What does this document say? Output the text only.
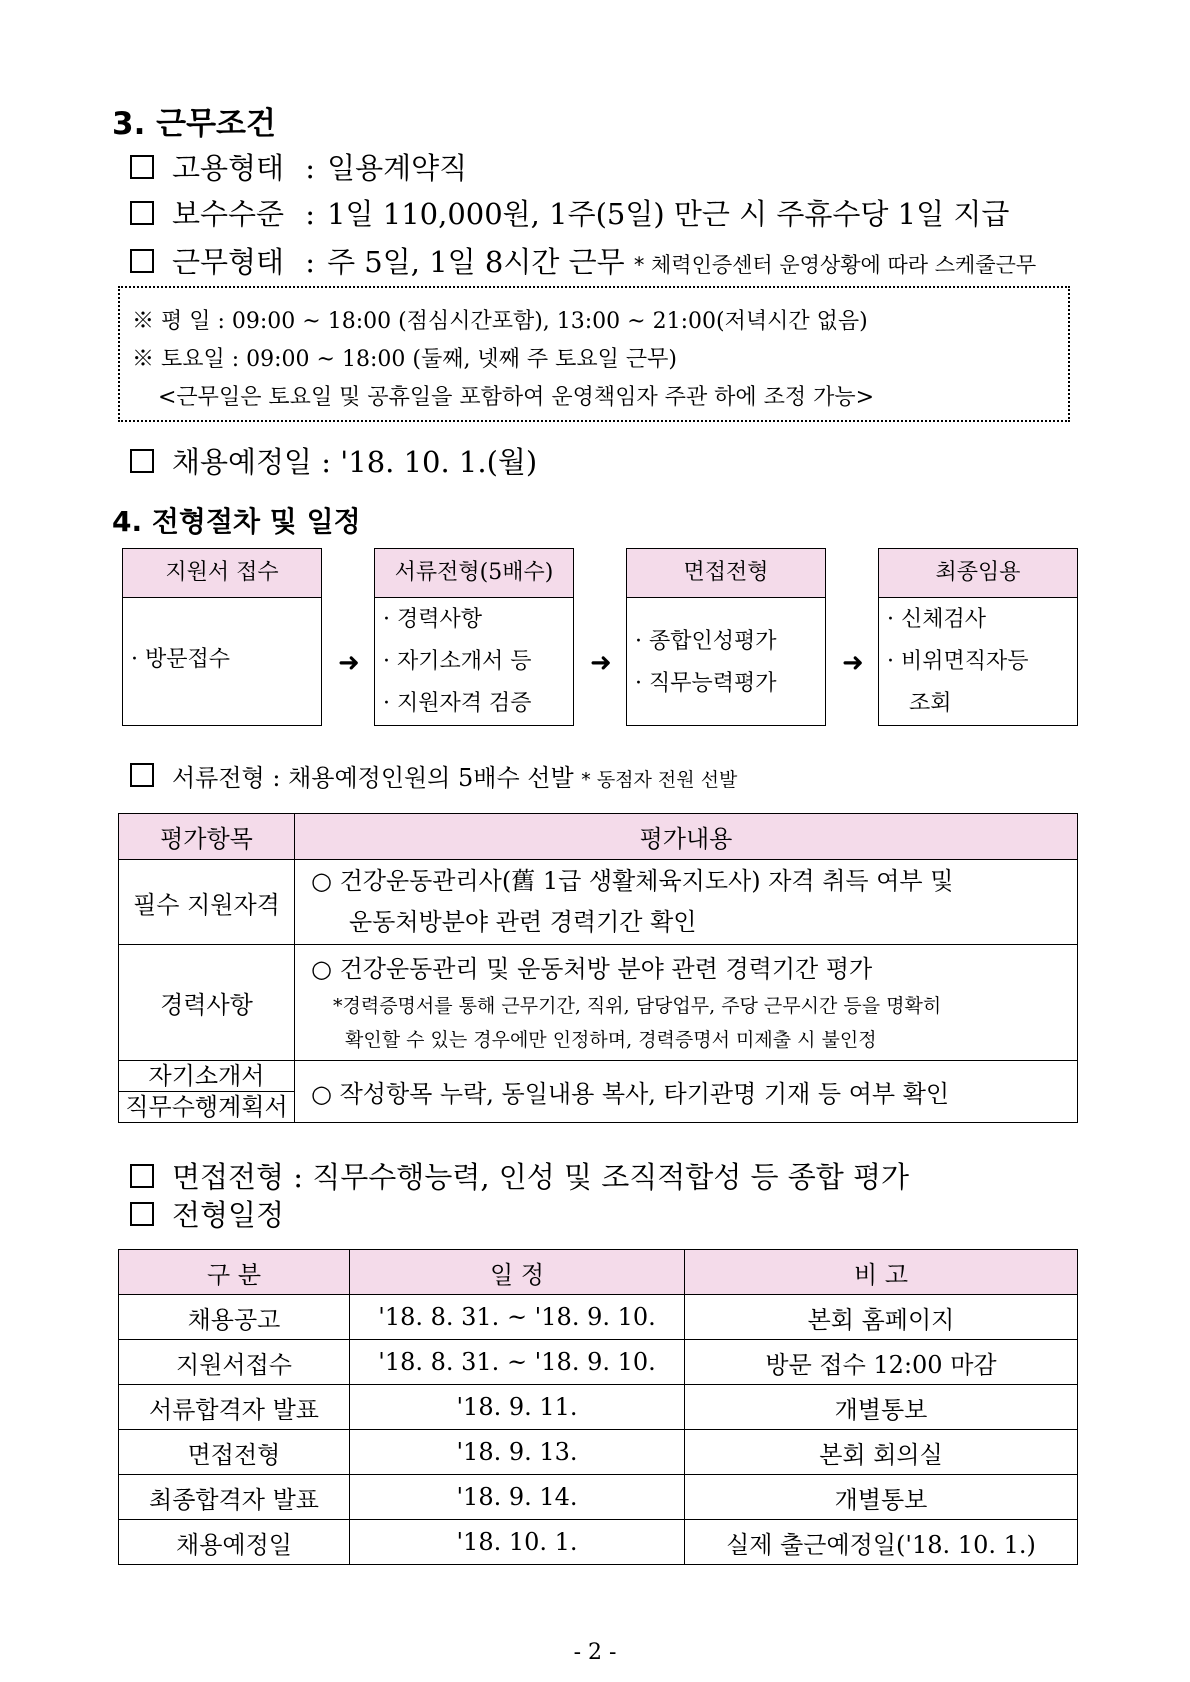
3. 근무조건
고용형태 : 일용계약직
보수수준 : 1일 110,000원, 1주(5일) 만근 시 주휴수당 1일 지급
근무형태 : 주 5일, 1일 8시간 근무 * 체력인증센터 운영상황에 따라 스케줄근무
※ 평 일 : 09:00 ~ 18:00 (점심시간포함), 13:00 ~ 21:00(저녁시간 없음)
※ 토요일 : 09:00 ~ 18:00 (둘째, 넷째 주 토요일 근무)
<근무일은 토요일 및 공휴일을 포함하여 운영책임자 주관 하에 조정 가능>
채용예정일 : '18. 10. 1.(월)
4. 전형절차 및 일정
지원서 접수
· 방문접수	➜
서류전형(5배수)
· 경력사항
· 자기소개서 등
· 지원자격 검증
➜
면접전형
· 종합인성평가
· 직무능력평가
➜
최종임용
· 신체검사
· 비위면직자등
조회
서류전형 : 채용예정인원의 5배수 선발 * 동점자 전원 선발
평가항목	평가내용
필수 지원자격	○ 건강운동관리사(舊 1급 생활체육지도사) 자격 취득 여부 및
운동처방분야 관련 경력기간 확인

경력사항	○ 건강운동관리 및 운동처방 분야 관련 경력기간 평가
*경력증명서를 통해 근무기간, 직위, 담당업무, 주당 근무시간 등을 명확히
확인할 수 있는 경우에만 인정하며, 경력증명서 미제출 시 불인정

자기소개서
직무수행계획서	○ 작성항목 누락, 동일내용 복사, 타기관명 기재 등 여부 확인
면접전형 : 직무수행능력, 인성 및 조직적합성 등 종합 평가
전형일정
구 분	일 정	비 고
채용공고	'18. 8. 31. ~ '18. 9. 10.	본회 홈페이지
지원서접수	'18. 8. 31. ~ '18. 9. 10.	방문 접수 12:00 마감
서류합격자 발표	'18. 9. 11.	개별통보
면접전형	'18. 9. 13.	본회 회의실
최종합격자 발표	'18. 9. 14.	개별통보
채용예정일	'18. 10. 1.	실제 출근예정일('18. 10. 1.)
- 2 -
